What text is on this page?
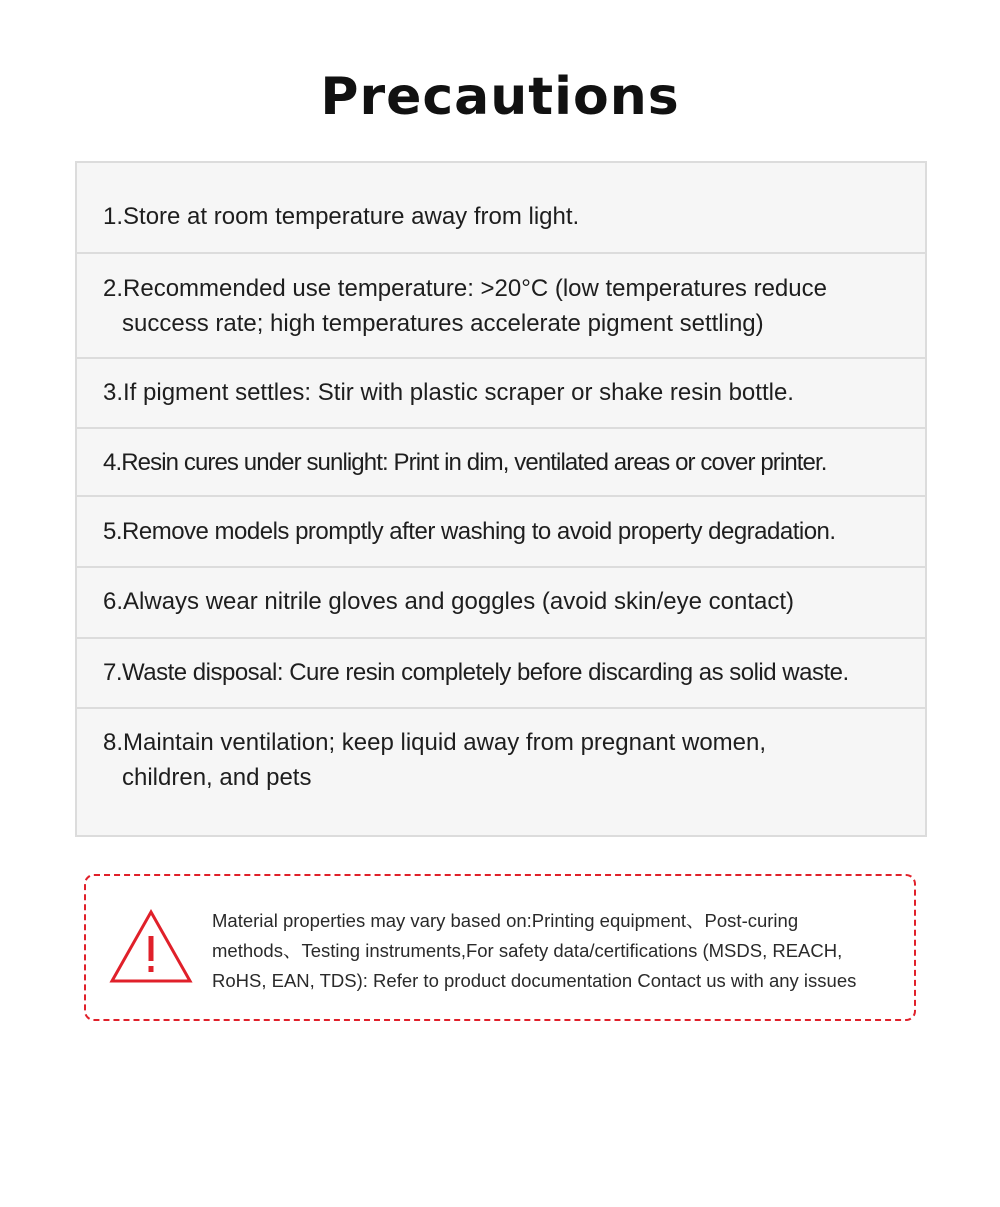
Precautions
1.Store at room temperature away from light.
2.Recommended use temperature: >20°C (low temperatures reduce
success rate; high temperatures accelerate pigment settling)
3.If pigment settles: Stir with plastic scraper or shake resin bottle.
4.Resin cures under sunlight: Print in dim, ventilated areas or cover printer.
5.Remove models promptly after washing to avoid property degradation.
6.Always wear nitrile gloves and goggles (avoid skin/eye contact)
7.Waste disposal: Cure resin completely before discarding as solid waste.
8.Maintain ventilation; keep liquid away from pregnant women,
children, and pets
Material properties may vary based on:Printing equipment、Post-curing
methods、Testing instruments,For safety data/certifications (MSDS, REACH,
RoHS, EAN, TDS): Refer to product documentation Contact us with any issues
